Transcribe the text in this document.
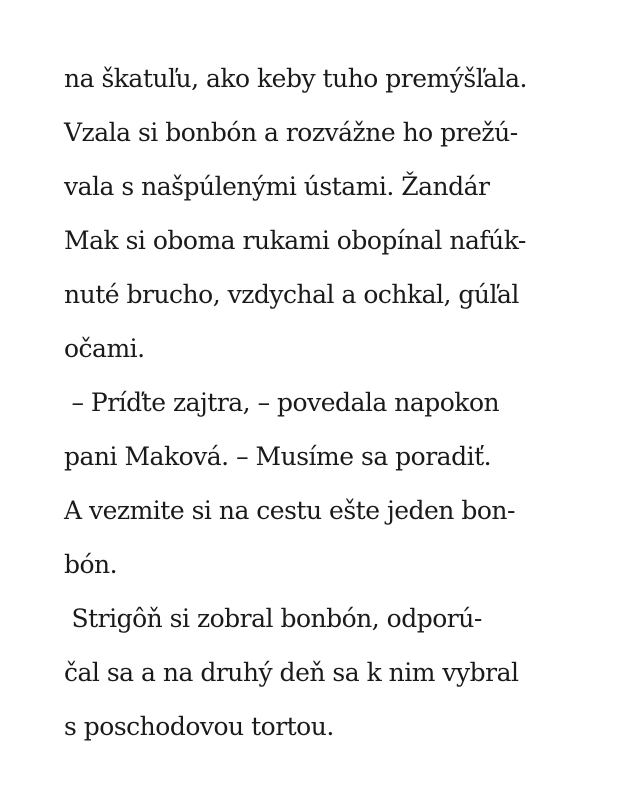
na škatuľu, ako keby tuho premýšľala.
Vzala si bonbón a rozvážne ho prežú-
vala s našpúlenými ústami. Žandár
Mak si oboma rukami obopínal nafúk-
nuté brucho, vzdychal a ochkal, gúľal
očami.
– Príďte zajtra, – povedala napokon
pani Maková. – Musíme sa poradiť.
A vezmite si na cestu ešte jeden bon-
bón.
Strigôň si zobral bonbón, odporú-
čal sa a na druhý deň sa k nim vybral
s poschodovou tortou.
